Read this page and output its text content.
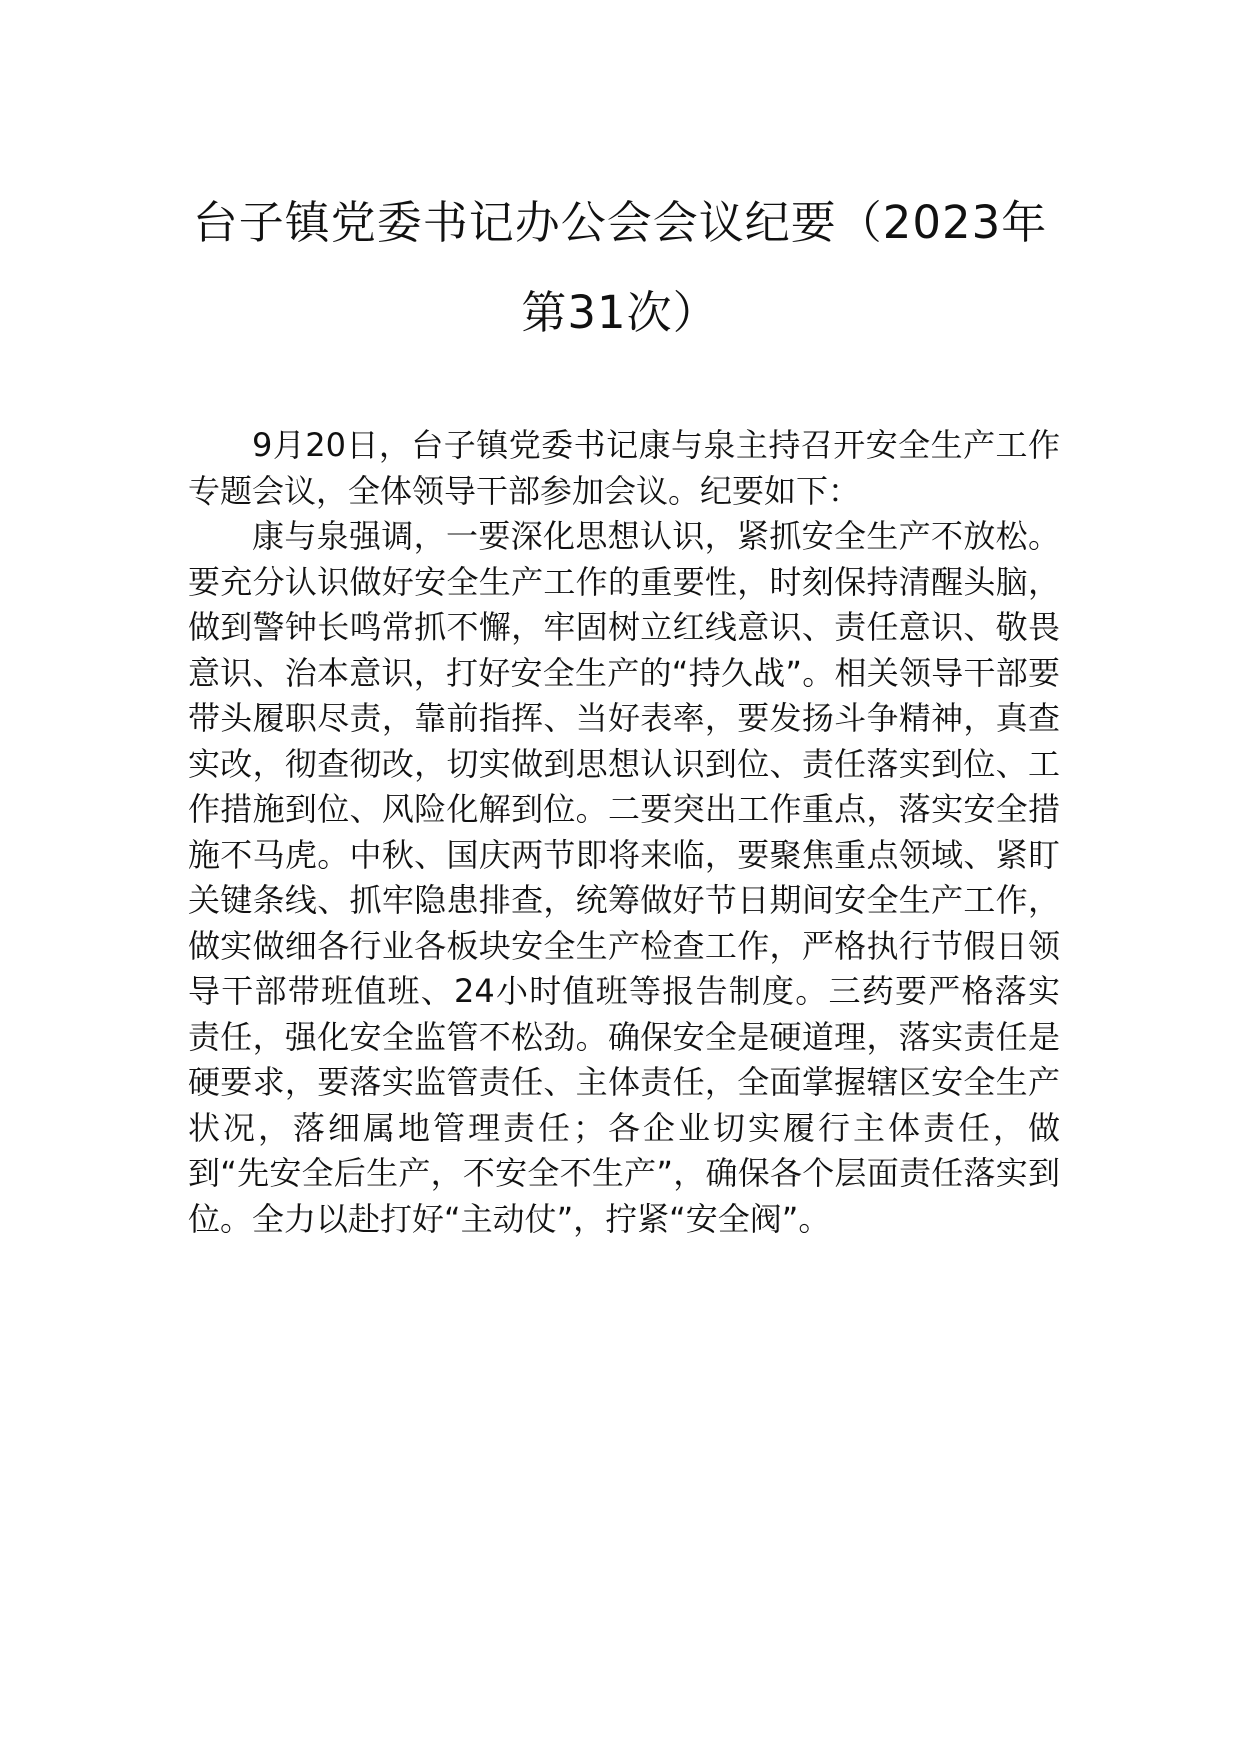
台子镇党委书记办公会会议纪要（2023年
第31次）

9月20日，台子镇党委书记康与泉主持召开安全生产工作专题会议，全体领导干部参加会议。纪要如下：

康与泉强调，一要深化思想认识，紧抓安全生产不放松。要充分认识做好安全生产工作的重要性，时刻保持清醒头脑，做到警钟长鸣常抓不懈，牢固树立红线意识、责任意识、敬畏意识、治本意识，打好安全生产的“持久战”。相关领导干部要带头履职尽责，靠前指挥、当好表率，要发扬斗争精神，真查实改，彻查彻改，切实做到思想认识到位、责任落实到位、工作措施到位、风险化解到位。二要突出工作重点，落实安全措施不马虎。中秋、国庆两节即将来临，要聚焦重点领域、紧盯关键条线、抓牢隐患排查，统筹做好节日期间安全生产工作，做实做细各行业各板块安全生产检查工作，严格执行节假日领导干部带班值班、24小时值班等报告制度。三药要严格落实责任，强化安全监管不松劲。确保安全是硬道理，落实责任是硬要求，要落实监管责任、主体责任，全面掌握辖区安全生产状况，落细属地管理责任；各企业切实履行主体责任，做到“先安全后生产，不安全不生产”，确保各个层面责任落实到位。全力以赴打好“主动仗”，拧紧“安全阀”。
